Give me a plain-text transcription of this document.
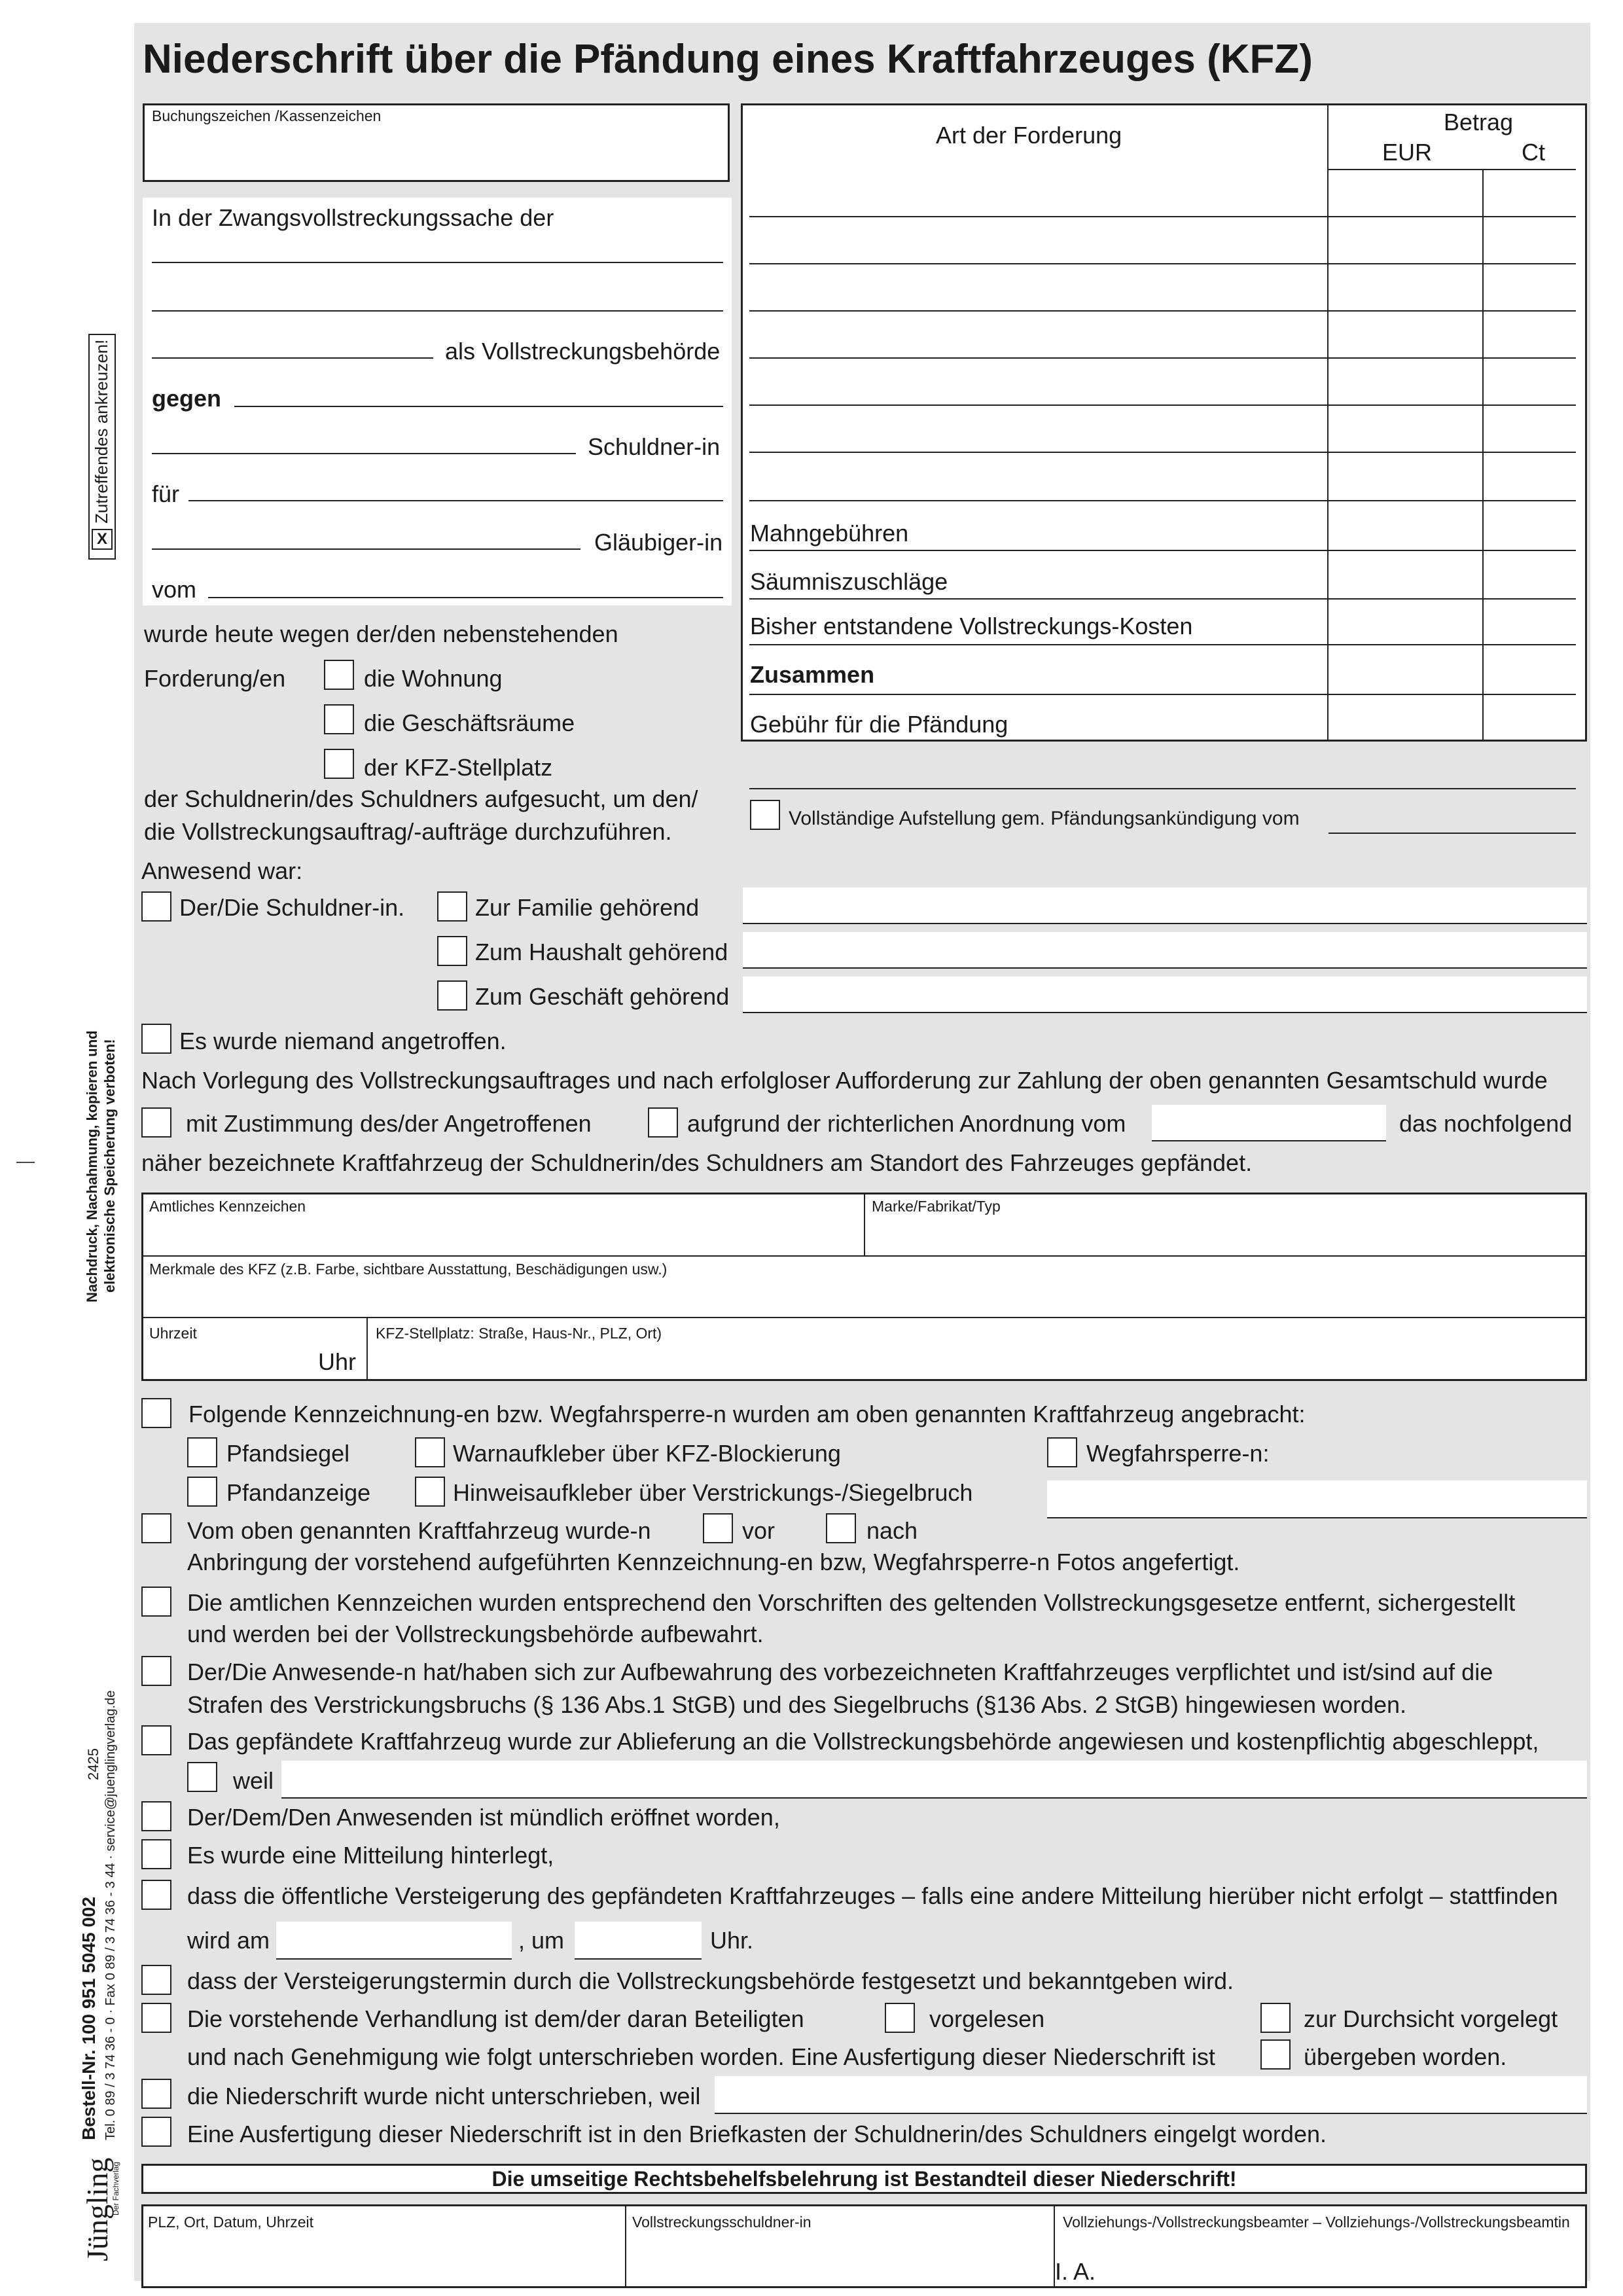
Zutreffendes ankreuzen!
X
Nachdruck, Nachahmung, kopieren und elektronische Speicherung verboten!
2425
Bestell-Nr. 100 951 5045 002 Tel. 0 89 / 3 74 36 - 0 · Fax 0 89 / 3 74 36 - 3 44 · service@juenglingverlag.de
Jüngling
Der Fachverlag
Niederschrift über die Pfändung eines Kraftfahrzeuges (KFZ)
Buchungszeichen /Kassenzeichen
In der Zwangsvollstreckungssache der
als Vollstreckungsbehörde
gegen
Schuldner-in
für
Gläubiger-in
vom
wurde heute wegen der/den nebenstehenden
Forderung/en	die Wohnung
die Geschäftsräume
der KFZ-Stellplatz
der Schuldnerin/des Schuldners aufgesucht, um den/
die Vollstreckungsauftrag/-aufträge durchzuführen.
Art der Forderung	Betrag
EUR	Ct
Mahngebühren
Säumniszuschläge
Bisher entstandene Vollstreckungs-Kosten
Zusammen
Gebühr für die Pfändung
Vollständige Aufstellung gem. Pfändungsankündigung vom
Anwesend war:
Der/Die Schuldner-in.	Zur Familie gehörend
Zum Haushalt gehörend
Zum Geschäft gehörend
Es wurde niemand angetroffen.
Nach Vorlegung des Vollstreckungsauftrages und nach erfolgloser Aufforderung zur Zahlung der oben genannten Gesamtschuld wurde
mit Zustimmung des/der Angetroffenen	aufgrund der richterlichen Anordnung vom	das nochfolgend
näher bezeichnete Kraftfahrzeug der Schuldnerin/des Schuldners am Standort des Fahrzeuges gepfändet.
Amtliches Kennzeichen	Marke/Fabrikat/Typ
Merkmale des KFZ (z.B. Farbe, sichtbare Ausstattung, Beschädigungen usw.)
Uhrzeit
Uhr
KFZ-Stellplatz: Straße, Haus-Nr., PLZ, Ort)
Folgende Kennzeichnung-en bzw. Wegfahrsperre-n wurden am oben genannten Kraftfahrzeug angebracht:
Pfandsiegel	Warnaufkleber über KFZ-Blockierung	Wegfahrsperre-n:
Pfandanzeige	Hinweisaufkleber über Verstrickungs-/Siegelbruch
Vom oben genannten Kraftfahrzeug wurde-n	vor	nach
Anbringung der vorstehend aufgeführten Kennzeichnung-en bzw, Wegfahrsperre-n Fotos angefertigt.
Die amtlichen Kennzeichen wurden entsprechend den Vorschriften des geltenden Vollstreckungsgesetze entfernt, sichergestellt
und werden bei der Vollstreckungsbehörde aufbewahrt.
Der/Die Anwesende-n hat/haben sich zur Aufbewahrung des vorbezeichneten Kraftfahrzeuges verpflichtet und ist/sind auf die
Strafen des Verstrickungsbruchs (§ 136 Abs.1 StGB) und des Siegelbruchs (§136 Abs. 2 StGB) hingewiesen worden.
Das gepfändete Kraftfahrzeug wurde zur Ablieferung an die Vollstreckungsbehörde angewiesen und kostenpflichtig abgeschleppt,
weil
Der/Dem/Den Anwesenden ist mündlich eröffnet worden,
Es wurde eine Mitteilung hinterlegt,
dass die öffentliche Versteigerung des gepfändeten Kraftfahrzeuges – falls eine andere Mitteilung hierüber nicht erfolgt – stattfinden
wird am	, um	Uhr.
dass der Versteigerungstermin durch die Vollstreckungsbehörde festgesetzt und bekanntgeben wird.
Die vorstehende Verhandlung ist dem/der daran Beteiligten	vorgelesen	zur Durchsicht vorgelegt
und nach Genehmigung wie folgt unterschrieben worden. Eine Ausfertigung dieser Niederschrift ist	übergeben worden.
die Niederschrift wurde nicht unterschrieben, weil
Eine Ausfertigung dieser Niederschrift ist in den Briefkasten der Schuldnerin/des Schuldners eingelgt worden.
Die umseitige Rechtsbehelfsbelehrung ist Bestandteil dieser Niederschrift!
PLZ, Ort, Datum, Uhrzeit	Vollstreckungsschuldner-in	Vollziehungs-/Vollstreckungsbeamter – Vollziehungs-/Vollstreckungsbeamtin
I. A.
